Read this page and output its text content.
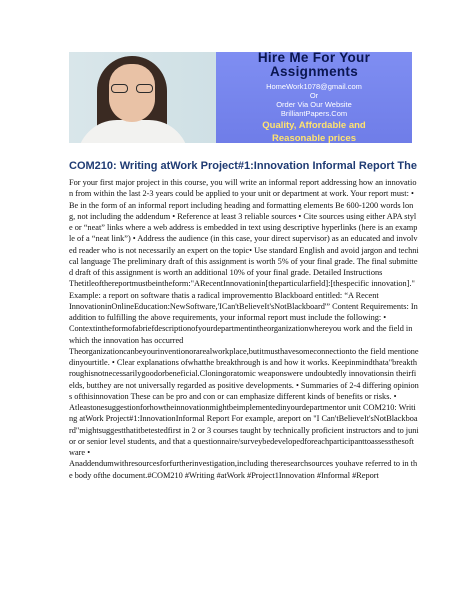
Hire Me For Your
Assignments
HomeWork1078@gmail.com
Or
Order Via Our Website
BrilliantPapers.Com
Quality, Affordable and
Reasonable prices
COM210: Writing atWork Project#1:Innovation Informal Report The
For your first major project in this course, you will write an informal report addressing how an innovation from within the last 2-3 years could be applied to your unit or department at work. Your report must: • Be in the form of an informal report including heading and formatting elements Be 600-1200 words long, not including the addendum • Reference at least 3 reliable sources • Cite sources using either APA style or “neat” links where a web address is embedded in text using descriptive hyperlinks (here is an example of a “neat link”) • Address the audience (in this case, your direct supervisor) as an educated and involved reader who is not necessarily an expert on the topic• Use standard English and avoid jargon and technical language The preliminary draft of this assignment is worth 5% of your final grade. The final submitted draft of this assignment is worth an additional 10% of your final grade. Detailed Instructions
Thetitleofthereportmustbeintheform:"ARecentInnovationin[theparticularfield]:[thespecific innovation]." Example: a report on software thatis a radical improvementto Blackboard entitled: “A Recent
InnovationinOnlineEducation:NewSoftware,'ICan'tBelieveIt'sNotBlackboard'” Content Requirements: In addition to fulfilling the above requirements, your informal report must include the following: •
Contextintheformofabriefdescriptionofyourdepartmentintheorganizationwhereyou work and the field in which the innovation has occurred
Theorganizationcanbeyourinventionorarealworkplace,butitmusthavesomeconnectionto the field mentionedinyourtitle. • Clear explanations ofwhatthe breakthrough is and how it works. Keepinmindthata"breakthroughisnotnecessarilygoodorbeneficial.Cloningoratomic weaponswere undoubtedly innovationsin theirfields, butthey are not universally regarded as positive developments. • Summaries of 2-4 differing opinions ofthisinnovation These can be pro and con or can emphasize different kinds of benefits or risks. •
Atleastonesuggestionforhowtheinnovationmightbeimplementedinyourdepartmentor unit COM210: Writing atWork Project#1:InnovationInformal Report For example, areport on "I Can'tBelieveIt'sNotBlackboard"mightsuggestthatitbetestedfirst in 2 or 3 courses taught by technically proficient instructors and to junior or senior level students, and that a questionnaire/surveybedevelopedforeachparticipanttoassessthesoftware •
Anaddendumwithresourcesforfurtherinvestigation,including theresearchsources youhave referred to in the body ofthe document.#COM210 #Writing #atWork #Project1Innovation #Informal #Report
